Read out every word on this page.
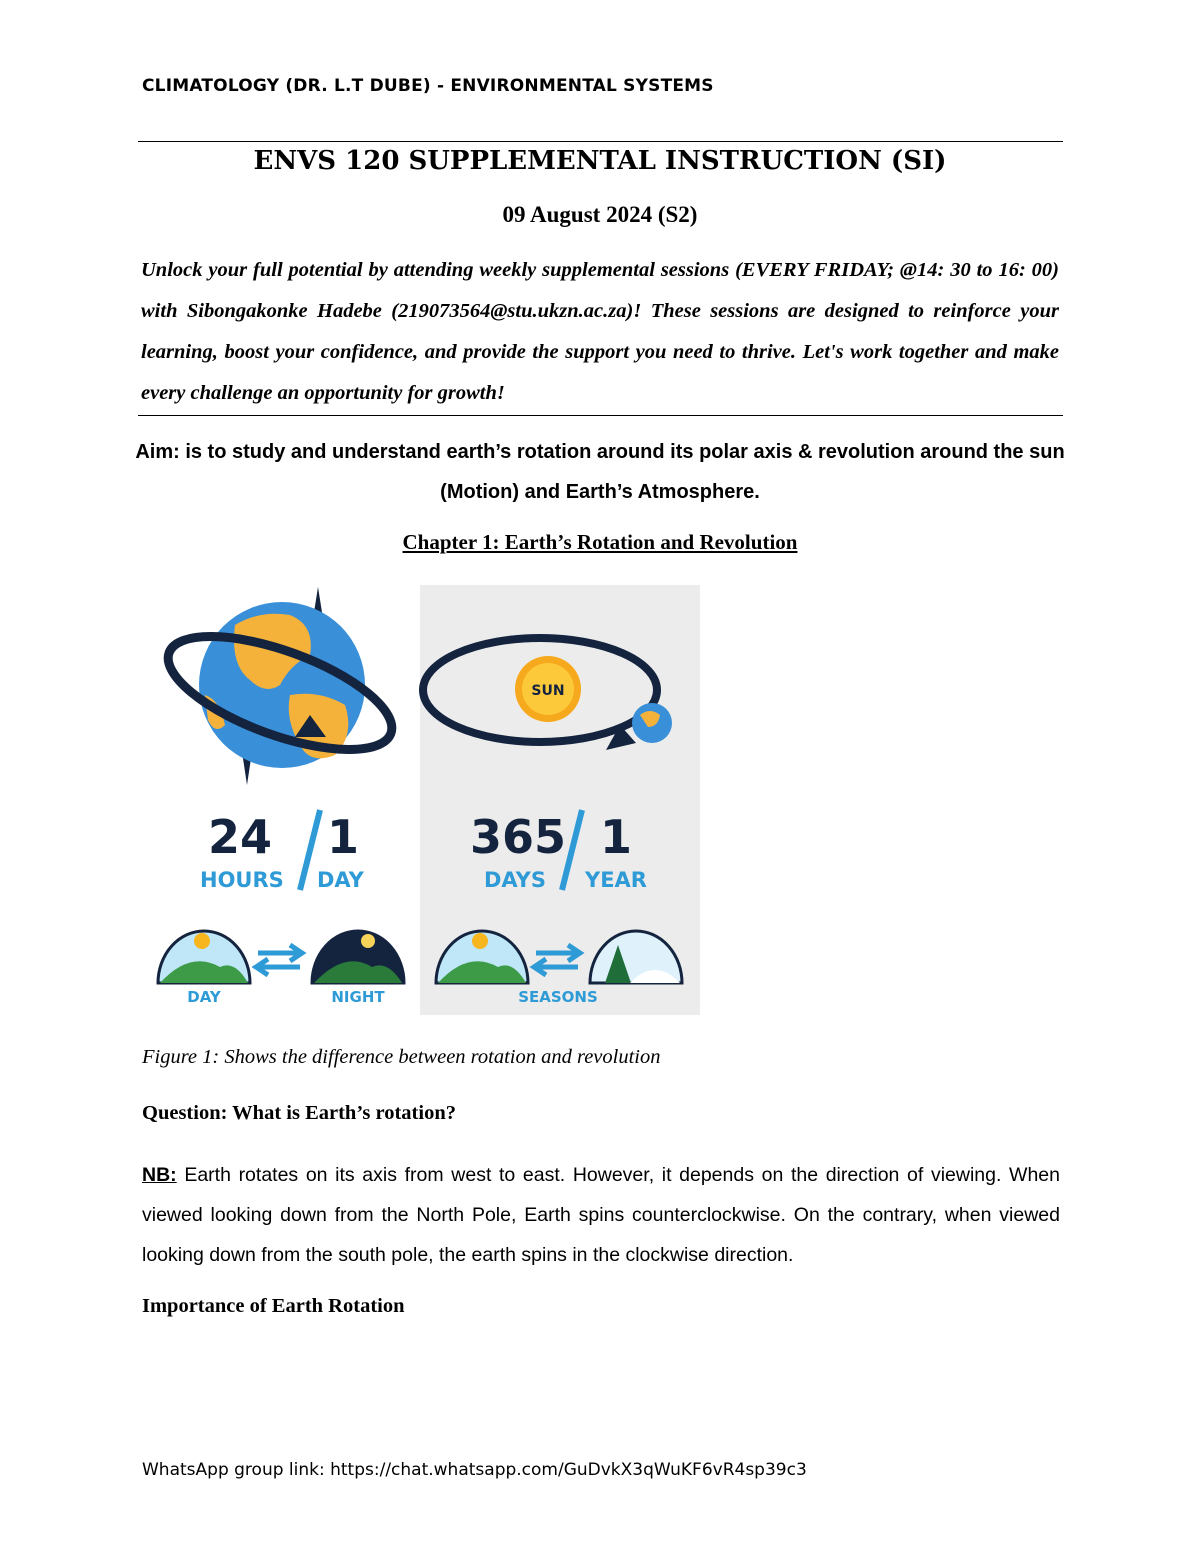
CLIMATOLOGY (DR. L.T DUBE) - ENVIRONMENTAL SYSTEMS
ENVS 120 SUPPLEMENTAL INSTRUCTION (SI)
09 August 2024 (S2)
Unlock your full potential by attending weekly supplemental sessions (EVERY FRIDAY; @14: 30 to 16: 00) with Sibongakonke Hadebe (219073564@stu.ukzn.ac.za)! These sessions are designed to reinforce your learning, boost your confidence, and provide the support you need to thrive. Let's work together and make every challenge an opportunity for growth!
Aim: is to study and understand earth’s rotation around its polar axis & revolution around the sun (Motion) and Earth’s Atmosphere.
Chapter 1: Earth’s Rotation and Revolution
SUN
24
HOURS
1
DAY
365
DAYS
1
YEAR
DAY	NIGHT	SEASONS
Figure 1: Shows the difference between rotation and revolution
Question: What is Earth’s rotation?
NB: Earth rotates on its axis from west to east. However, it depends on the direction of viewing. When viewed looking down from the North Pole, Earth spins counterclockwise. On the contrary, when viewed looking down from the south pole, the earth spins in the clockwise direction.
Importance of Earth Rotation
WhatsApp group link: https://chat.whatsapp.com/GuDvkX3qWuKF6vR4sp39c3
